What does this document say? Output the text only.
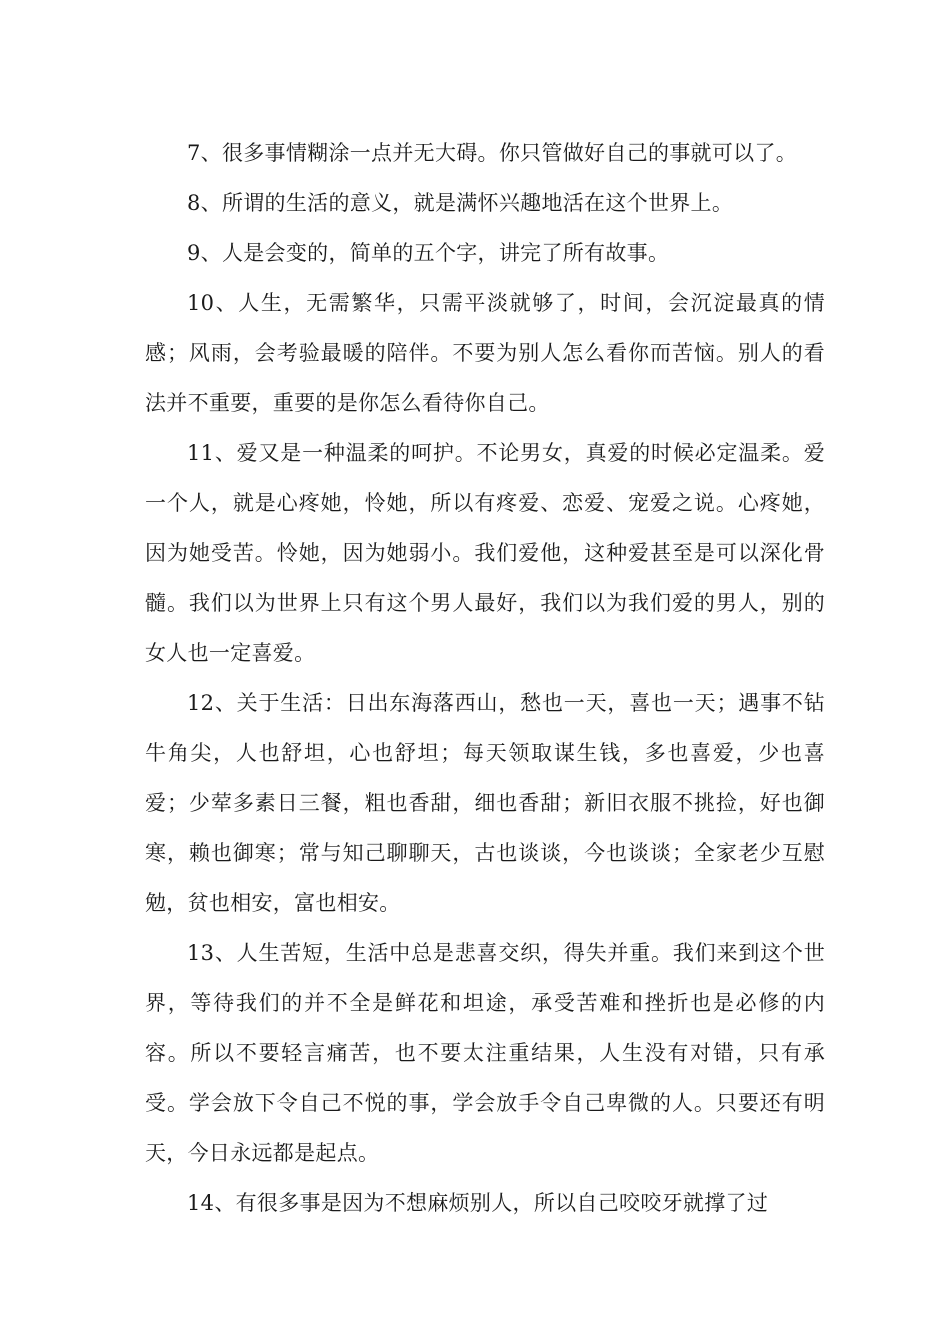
7、很多事情糊涂一点并无大碍。你只管做好自己的事就可以了。

8、所谓的生活的意义，就是满怀兴趣地活在这个世界上。

9、人是会变的，简单的五个字，讲完了所有故事。

10、人生，无需繁华，只需平淡就够了，时间，会沉淀最真的情感；风雨，会考验最暖的陪伴。不要为别人怎么看你而苦恼。别人的看法并不重要，重要的是你怎么看待你自己。

11、爱又是一种温柔的呵护。不论男女，真爱的时候必定温柔。爱一个人，就是心疼她，怜她，所以有疼爱、恋爱、宠爱之说。心疼她，因为她受苦。怜她，因为她弱小。我们爱他，这种爱甚至是可以深化骨髓。我们以为世界上只有这个男人最好，我们以为我们爱的男人，别的女人也一定喜爱。

12、关于生活：日出东海落西山，愁也一天，喜也一天；遇事不钻牛角尖，人也舒坦，心也舒坦；每天领取谋生钱，多也喜爱，少也喜爱；少荤多素日三餐，粗也香甜，细也香甜；新旧衣服不挑捡，好也御寒，赖也御寒；常与知己聊聊天，古也谈谈，今也谈谈；全家老少互慰勉，贫也相安，富也相安。

13、人生苦短，生活中总是悲喜交织，得失并重。我们来到这个世界，等待我们的并不全是鲜花和坦途，承受苦难和挫折也是必修的内容。所以不要轻言痛苦，也不要太注重结果，人生没有对错，只有承受。学会放下令自己不悦的事，学会放手令自己卑微的人。只要还有明天，今日永远都是起点。

14、有很多事是因为不想麻烦别人，所以自己咬咬牙就撑了过
